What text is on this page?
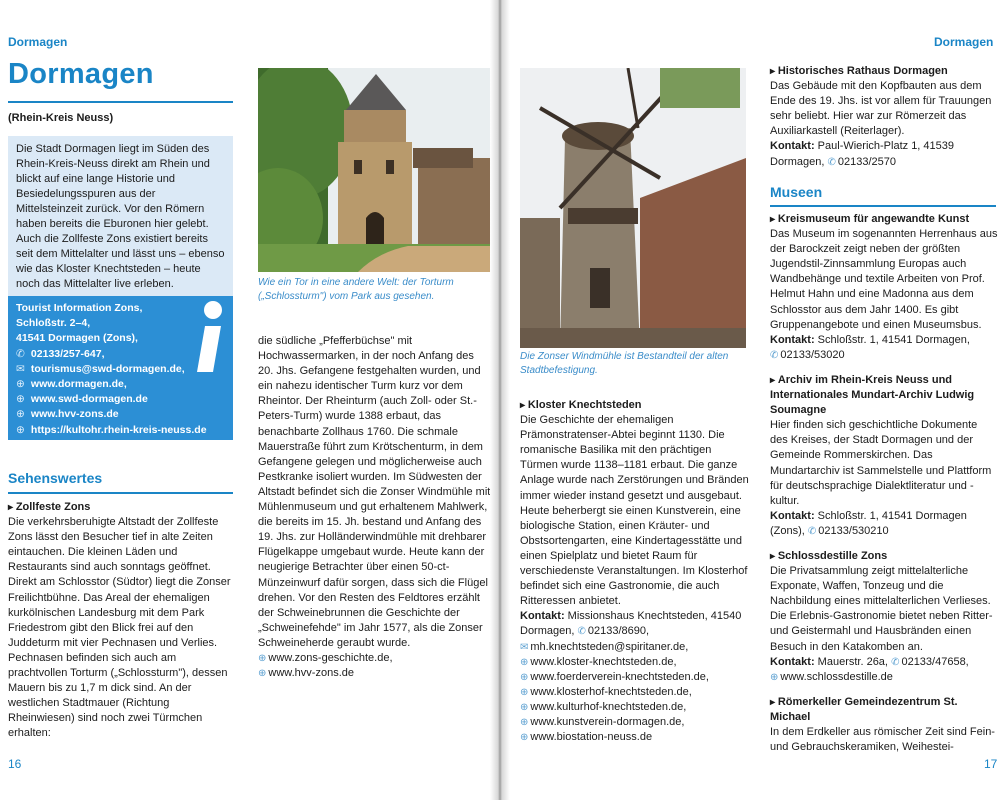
Dormagen
Dormagen
(Rhein-Kreis Neuss)

Die Stadt Dormagen liegt im Süden des Rhein-Kreis-Neuss direkt am Rhein und blickt auf eine lange Historie und Besiedelungsspuren aus der Mittelsteinzeit zurück. Vor den Römern haben bereits die Eburonen hier gelebt. Auch die Zollfeste Zons existiert bereits seit dem Mittelalter und lässt uns – ebenso wie das Kloster Knechtsteden – heute noch das Mittelalter live erleben.

Tourist Information Zons,
Schloßstr. 2–4,
41541 Dormagen (Zons),
✆ 02133/257-647,
✉ tourismus@swd-dormagen.de,
⊕ www.dormagen.de,
⊕ www.swd-dormagen.de
⊕ www.hvv-zons.de
⊕ https://kultohr.rhein-kreis-neuss.de
Sehenswertes

▸ Zollfeste Zons

Die verkehrsberuhigte Altstadt der Zollfeste Zons lässt den Besucher tief in alte Zeiten eintauchen. Die kleinen Läden und Restaurants sind auch sonntags geöffnet. Direkt am Schlosstor (Südtor) liegt die Zonser Freilichtbühne. Das Areal der ehemaligen kurkölnischen Landesburg mit dem Park Friedestrom gibt den Blick frei auf den Juddeturm mit vier Pechnasen und Verlies. Pechnasen befinden sich auch am prachtvollen Torturm („Schlossturm"), dessen Mauern bis zu 1,7 m dick sind. An der westlichen Stadtmauer (Richtung Rheinwiesen) sind noch zwei Türmchen erhalten:

Wie ein Tor in eine andere Welt: der Torturm („Schlossturm") vom Park aus gesehen.

die südliche „Pfefferbüchse" mit Hochwassermarken, in der noch Anfang des 20. Jhs. Gefangene festgehalten wurden, und ein nahezu identischer Turm kurz vor dem Rheintor. Der Rheinturm (auch Zoll- oder St.-Peters-Turm) wurde 1388 erbaut, das benachbarte Zollhaus 1760. Die schmale Mauerstraße führt zum Krötschenturm, in dem Gefangene gelegen und möglicherweise auch Pestkranke isoliert wurden. Im Südwesten der Altstadt befindet sich die Zonser Windmühle mit Mühlenmuseum und gut erhaltenem Mahlwerk, die bereits im 15. Jh. bestand und Anfang des 19. Jhs. zur Holländerwindmühle mit drehbarer Flügelkappe umgebaut wurde. Heute kann der neugierige Betrachter über einen 50-ct-Münzeinwurf dafür sorgen, dass sich die Flügel drehen. Vor den Resten des Feldtores erzählt der Schweinebrunnen die Geschichte der „Schweinefehde" im Jahr 1577, als die Zonser Schweineherde geraubt wurde.

⊕ www.zons-geschichte.de,

⊕ www.hvv-zons.de

16
Dormagen
Die Zonser Windmühle ist Bestandteil der alten Stadtbefestigung.

▸ Kloster Knechtsteden

Die Geschichte der ehemaligen Prämonstratenser-Abtei beginnt 1130. Die romanische Basilika mit den prächtigen Türmen wurde 1138–1181 erbaut. Die ganze Anlage wurde nach Zerstörungen und Bränden immer wieder instand gesetzt und ausgebaut. Heute beherbergt sie einen Kunstverein, eine biologische Station, einen Kräuter- und Obstsortengarten, eine Kindertagesstätte und einen Spielplatz und bietet Raum für verschiedenste Veranstaltungen. Im Klosterhof befindet sich eine Gastronomie, die auch Ritteressen anbietet.

Kontakt: Missionshaus Knechtsteden, 41540 Dormagen, ✆ 02133/8690,

✉ mh.knechtsteden@spiritaner.de,

⊕ www.kloster-knechtsteden.de,

⊕ www.foerderverein-knechtsteden.de,

⊕ www.klosterhof-knechtsteden.de,

⊕ www.kulturhof-knechtsteden.de,

⊕ www.kunstverein-dormagen.de,

⊕ www.biostation-neuss.de

▸ Historisches Rathaus Dormagen

Das Gebäude mit den Kopfbauten aus dem Ende des 19. Jhs. ist vor allem für Trauungen sehr beliebt. Hier war zur Römerzeit das Auxiliarkastell (Reiterlager).

Kontakt: Paul-Wierich-Platz 1, 41539 Dormagen, ✆ 02133/2570

Museen

▸ Kreismuseum für angewandte Kunst

Das Museum im sogenannten Herrenhaus aus der Barockzeit zeigt neben der größten Jugendstil-Zinnsammlung Europas auch Wandbehänge und textile Arbeiten von Prof. Helmut Hahn und eine Madonna aus dem Schlosstor aus dem Jahr 1400. Es gibt Gruppenangebote und einen Museumsbus.

Kontakt: Schloßstr. 1, 41541 Dormagen, ✆ 02133/53020

▸ Archiv im Rhein-Kreis Neuss und Internationales Mundart-Archiv Ludwig Soumagne

Hier finden sich geschichtliche Dokumente des Kreises, der Stadt Dormagen und der Gemeinde Rommerskirchen. Das Mundartarchiv ist Sammelstelle und Plattform für deutschsprachige Dialektliteratur und -kultur.

Kontakt: Schloßstr. 1, 41541 Dormagen (Zons), ✆ 02133/530210

▸ Schlossdestille Zons

Die Privatsammlung zeigt mittelalterliche Exponate, Waffen, Tonzeug und die Nachbildung eines mittelalterlichen Verlieses. Die Erlebnis-Gastronomie bietet neben Ritter- und Geistermahl und Hausbränden einen Besuch in den Katakomben an.

Kontakt: Mauerstr. 26a, ✆ 02133/47658,

⊕ www.schlossdestille.de

▸ Römerkeller Gemeindezentrum St. Michael

In dem Erdkeller aus römischer Zeit sind Fein- und Gebrauchskeramiken, Weihestei-

17
